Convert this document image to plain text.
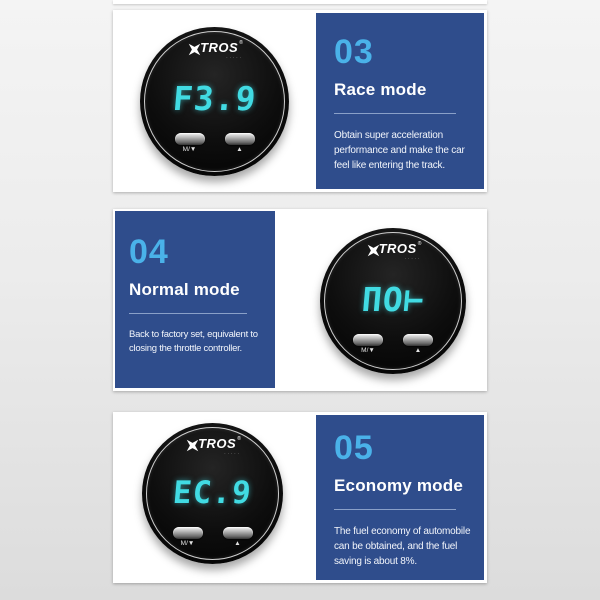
TROS ®
·····
F3.9
M/▼	▲
03
Race mode
Obtain super acceleration performance and make the car feel like entering the track.
04
Normal mode
Back to factory set, equivalent to closing the throttle controller.
TROS ®
·····
ΠO⊢
M/▼	▲
TROS ®
·····
EC.9
M/▼	▲
05
Economy mode
The fuel economy of automobile can be obtained, and the fuel saving is about 8%.
